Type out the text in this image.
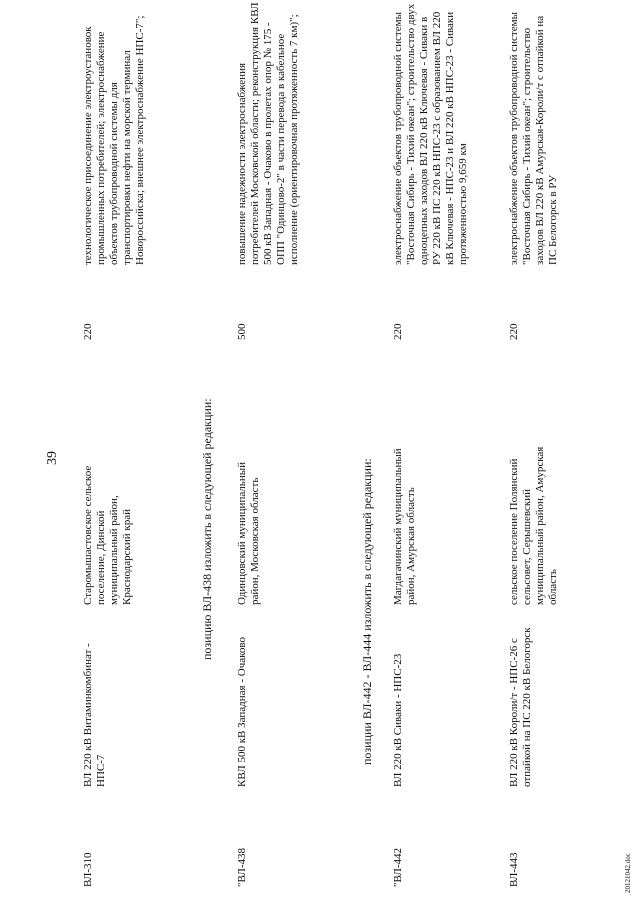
39
ВЛ-310
ВЛ 220 кВ Витаминкомбинат - НПС-7
Старомышастовское сельское поселение, Динской муниципальный район, Краснодарский край
220
технологическое присоединение электроустановок промышленных потребителей; электроснабжение объектов трубопроводной системы для транспортировки нефти на морской терминал Новороссийска; внешнее электроснабжение НПС-7";
позицию ВЛ-438 изложить в следующей редакции:
"ВЛ-438
КВЛ 500 кВ Западная - Очаково
Одинцовский муниципальный район, Московская область
500
повышение надежности электроснабжения потребителей Московской области; реконструкция КВЛ 500 кВ Западная - Очаково в пролетах опор № 175 - ОПП "Одинцово-2" в части перевода в кабельное исполнение (ориентировочная протяженность 7 км)";
позиции ВЛ-442 - ВЛ-444 изложить в следующей редакции:
"ВЛ-442
ВЛ 220 кВ Сиваки - НПС-23
Магдагачинский муниципальный район, Амурская область
220
электроснабжение объектов трубопроводной системы "Восточная Сибирь - Тихий океан"; строительство двух одноцепных заходов ВЛ 220 кВ Ключевая - Сиваки в РУ 220 кВ ПС 220 кВ НПС-23 с образованием ВЛ 220 кВ Ключевая - НПС-23 и ВЛ 220 кВ НПС-23 - Сиваки протяженностью 9,659 км
ВЛ-443
ВЛ 220 кВ Короли/т - НПС-26 с отпайкой на ПС 220 кВ Белогорск
сельское поселение Полянский сельсовет, Серышевский муниципальный район, Амурская область
220
электроснабжение объектов трубопроводной системы "Восточная Сибирь - Тихий океан"; строительство заходов ВЛ 220 кВ Амурская-Короли/т с отпайкой на ПС Белогорск в РУ
20121042.doc
